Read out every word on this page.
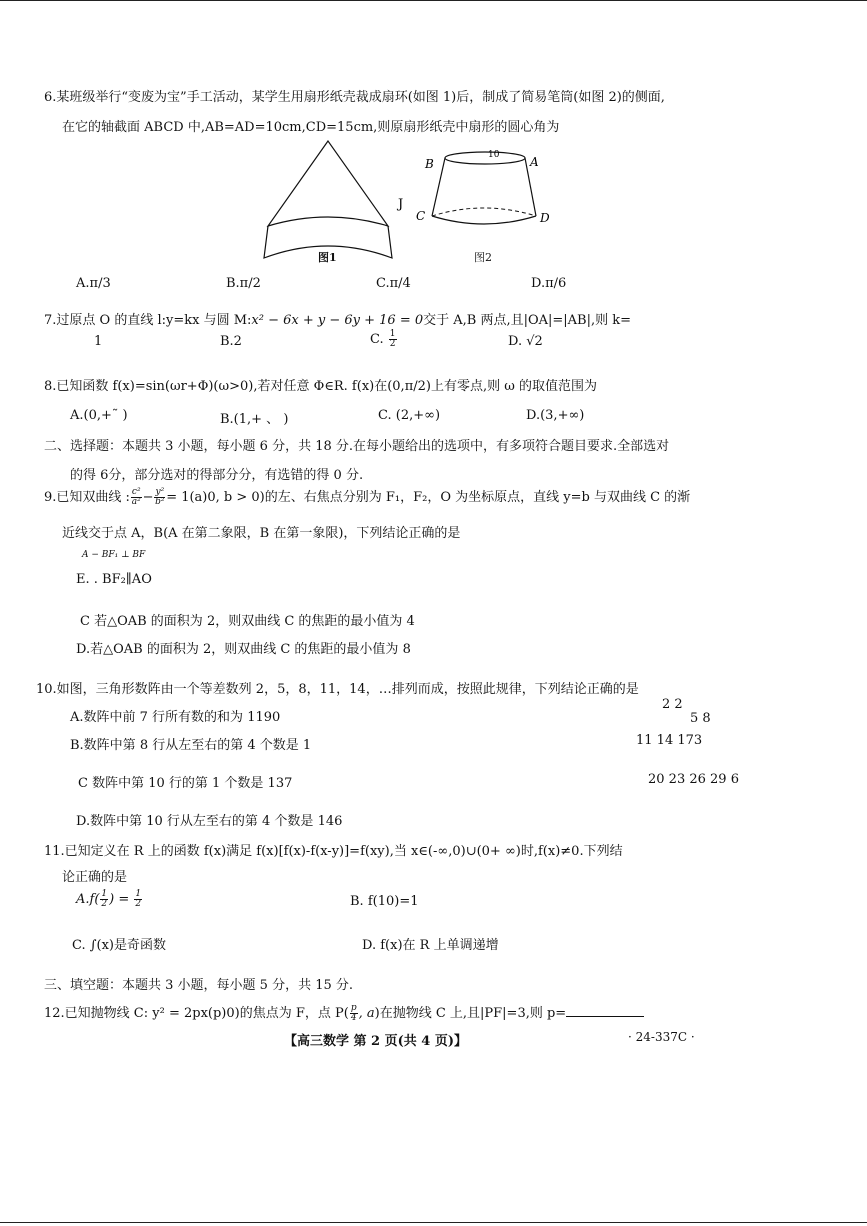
6.某班级举行“变废为宝”手工活动，某学生用扇形纸壳裁成扇环(如图 1)后，制成了简易笔筒(如图 2)的侧面,
在它的轴截面 ABCD 中,AB=AD=10cm,CD=15cm,则原扇形纸壳中扇形的圆心角为
J
图1
10
B	A
C	D
图2
A.π/3	B.π/2	C.π/4	D.π/6
7.过原点 O 的直线 l:y=kx 与圆 M:x² − 6x + y − 6y + 16 = 0交于 A,B 两点,且|OA|=|AB|,则 k=
1	B.2	C. $\frac{1}{2}$	D. √2
8.已知函数 f(x)=sin(ωr+Φ)(ω>0),若对任意 Φ∈R. f(x)在(0,π/2)上有零点,则 ω 的取值范围为
A.(0,+˜ )	B.(1,+ 、 )	C. (2,+∞)	D.(3,+∞)
二、选择题：本题共 3 小题，每小题 6 分，共 18 分.在每小题给出的选项中，有多项符合题目要求.全部选对
的得 6分，部分选对的得部分分，有选错的得 0 分.
9.已知双曲线 : $\frac{\text{c²}}{\text{a²}} - \frac{\text{y²}}{\text{b²}} = 1(a)0$, b > 0)的左、右焦点分别为 F₁，F₂，O 为坐标原点，直线 y=b 与双曲线 C 的渐
近线交于点 A，B(A 在第二象限，B 在第一象限)，下列结论正确的是
A − BF₁ ⊥ BF
E. . BF₂∥AO
C 若△OAB 的面积为 2，则双曲线 C 的焦距的最小值为 4
D.若△OAB 的面积为 2，则双曲线 C 的焦距的最小值为 8
10.如图，三角形数阵由一个等差数列 2，5，8，11，14，…排列而成，按照此规律，下列结论正确的是
A.数阵中前 7 行所有数的和为 1190
B.数阵中第 8 行从左至右的第 4 个数是 1
C 数阵中第 10 行的第 1 个数是 137
D.数阵中第 10 行从左至右的第 4 个数是 146
2 2
5 8
11 14 173
20 23 26 29 6
11.已知定义在 R 上的函数 f(x)满足 f(x)[f(x)-f(x-y)]=f(xy),当 x∈(-∞,0)∪(0+ ∞)时,f(x)≠0.下列结
论正确的是
$A.f( \frac{1}{2}$ ) = $\frac{1}{2}$	B. f(10)=1
C. ∫(x)是奇函数	D. f(x)在 R 上单调递增
三、填空题：本题共 3 小题，每小题 5 分，共 15 分.
12.已知抛物线 C: y² = 2px(p)0)的焦点为 F，点 $P( \frac{p}{4}$ , a)在抛物线 C 上,且|PF|=3,则 p=
【高三数学 第 2 页(共 4 页)】	· 24-337C ·
